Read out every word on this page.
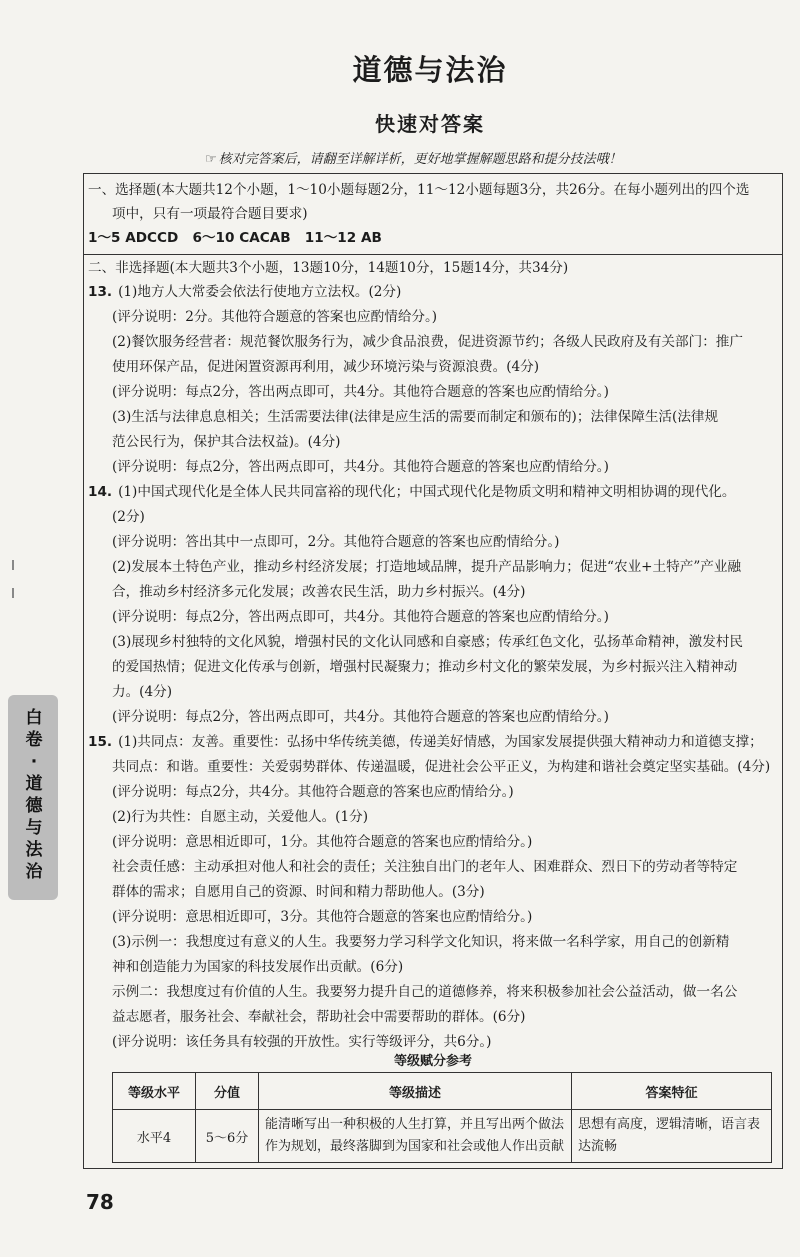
道德与法治
快速对答案
☞ 核对完答案后，请翻至详解详析，更好地掌握解题思路和提分技法哦！
一、选择题(本大题共12个小题，1～10小题每题2分，11～12小题每题3分，共26分。在每小题列出的四个选
项中，只有一项最符合题目要求)
1～5 ADCCD 6～10 CACAB 11～12 AB
二、非选择题(本大题共3个小题，13题10分，14题10分，15题14分，共34分)
13. (1)地方人大常委会依法行使地方立法权。(2分)
(评分说明：2分。其他符合题意的答案也应酌情给分。)
(2)餐饮服务经营者：规范餐饮服务行为，减少食品浪费，促进资源节约；各级人民政府及有关部门：推广
使用环保产品，促进闲置资源再利用，减少环境污染与资源浪费。(4分)
(评分说明：每点2分，答出两点即可，共4分。其他符合题意的答案也应酌情给分。)
(3)生活与法律息息相关；生活需要法律(法律是应生活的需要而制定和颁布的)；法律保障生活(法律规
范公民行为，保护其合法权益)。(4分)
(评分说明：每点2分，答出两点即可，共4分。其他符合题意的答案也应酌情给分。)
14. (1)中国式现代化是全体人民共同富裕的现代化；中国式现代化是物质文明和精神文明相协调的现代化。
(2分)
(评分说明：答出其中一点即可，2分。其他符合题意的答案也应酌情给分。)
(2)发展本土特色产业，推动乡村经济发展；打造地域品牌，提升产品影响力；促进“农业+土特产”产业融
合，推动乡村经济多元化发展；改善农民生活，助力乡村振兴。(4分)
(评分说明：每点2分，答出两点即可，共4分。其他符合题意的答案也应酌情给分。)
(3)展现乡村独特的文化风貌，增强村民的文化认同感和自豪感；传承红色文化，弘扬革命精神，激发村民
的爱国热情；促进文化传承与创新，增强村民凝聚力；推动乡村文化的繁荣发展，为乡村振兴注入精神动
力。(4分)
(评分说明：每点2分，答出两点即可，共4分。其他符合题意的答案也应酌情给分。)
15. (1)共同点：友善。重要性：弘扬中华传统美德，传递美好情感，为国家发展提供强大精神动力和道德支撑；
共同点：和谐。重要性：关爱弱势群体、传递温暖，促进社会公平正义，为构建和谐社会奠定坚实基础。(4分)
(评分说明：每点2分，共4分。其他符合题意的答案也应酌情给分。)
(2)行为共性：自愿主动，关爱他人。(1分)
(评分说明：意思相近即可，1分。其他符合题意的答案也应酌情给分。)
社会责任感：主动承担对他人和社会的责任；关注独自出门的老年人、困难群众、烈日下的劳动者等特定
群体的需求；自愿用自己的资源、时间和精力帮助他人。(3分)
(评分说明：意思相近即可，3分。其他符合题意的答案也应酌情给分。)
(3)示例一：我想度过有意义的人生。我要努力学习科学文化知识，将来做一名科学家，用自己的创新精
神和创造能力为国家的科技发展作出贡献。(6分)
示例二：我想度过有价值的人生。我要努力提升自己的道德修养，将来积极参加社会公益活动，做一名公
益志愿者，服务社会、奉献社会，帮助社会中需要帮助的群体。(6分)
(评分说明：该任务具有较强的开放性。实行等级评分，共6分。)
等级赋分参考
等级水平	分值	等级描述	答案特征
水平4	5～6分	能清晰写出一种积极的人生打算，并且写出两个做法作为规划，最终落脚到为国家和社会或他人作出贡献	思想有高度，逻辑清晰，语言表达流畅
白
卷
·
道
德
与
法
治
78
